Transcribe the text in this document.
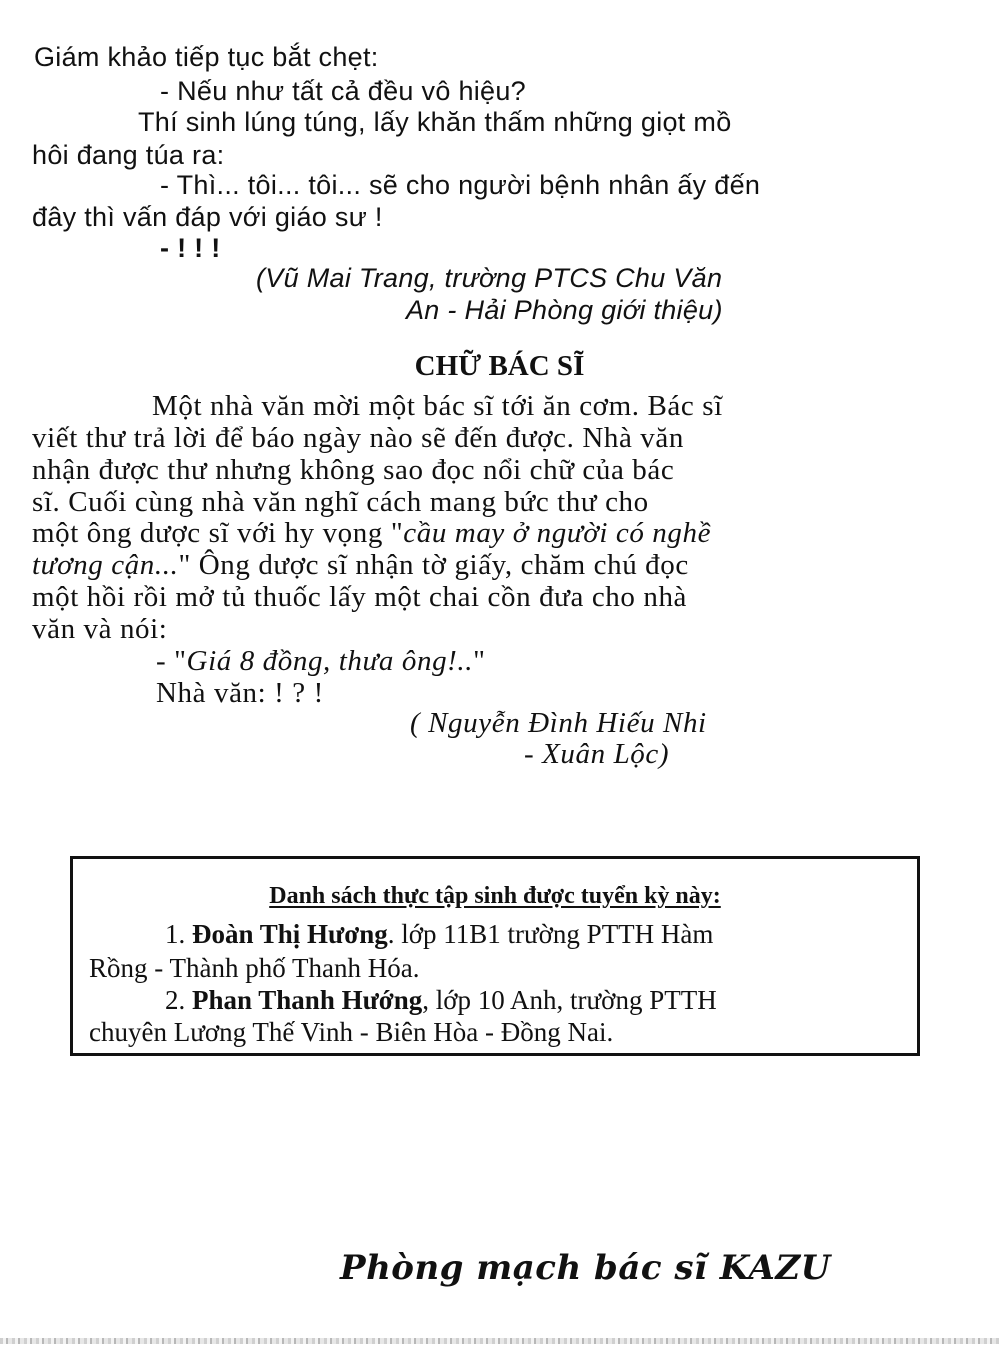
Giám khảo tiếp tục bắt chẹt:
- Nếu như tất cả đều vô hiệu?
Thí sinh lúng túng, lấy khăn thấm những giọt mồ
hôi đang túa ra:
- Thì... tôi... tôi... sẽ cho người bệnh nhân ấy đến
đây thì vấn đáp với giáo sư !
- ! ! !
(Vũ Mai Trang, trường PTCS Chu Văn
An - Hải Phòng giới thiệu)
CHỮ BÁC SĨ
Một nhà văn mời một bác sĩ tới ăn cơm. Bác sĩ
viết thư trả lời để báo ngày nào sẽ đến được. Nhà văn
nhận được thư nhưng không sao đọc nổi chữ của bác
sĩ. Cuối cùng nhà văn nghĩ cách mang bức thư cho
một ông dược sĩ với hy vọng "cầu may ở người có nghề
tương cận..." Ông dược sĩ nhận tờ giấy, chăm chú đọc
một hồi rồi mở tủ thuốc lấy một chai cồn đưa cho nhà
văn và nói:
- "Giá 8 đồng, thưa ông!.."
Nhà văn: ! ? !
( Nguyễn Đình Hiếu Nhi
- Xuân Lộc)
Danh sách thực tập sinh được tuyển kỳ này:
1. Đoàn Thị Hương. lớp 11B1 trường PTTH Hàm
Rồng - Thành phố Thanh Hóa.
2. Phan Thanh Hướng, lớp 10 Anh, trường PTTH
chuyên Lương Thế Vinh - Biên Hòa - Đồng Nai.
Phòng mạch bác sĩ KAZU
